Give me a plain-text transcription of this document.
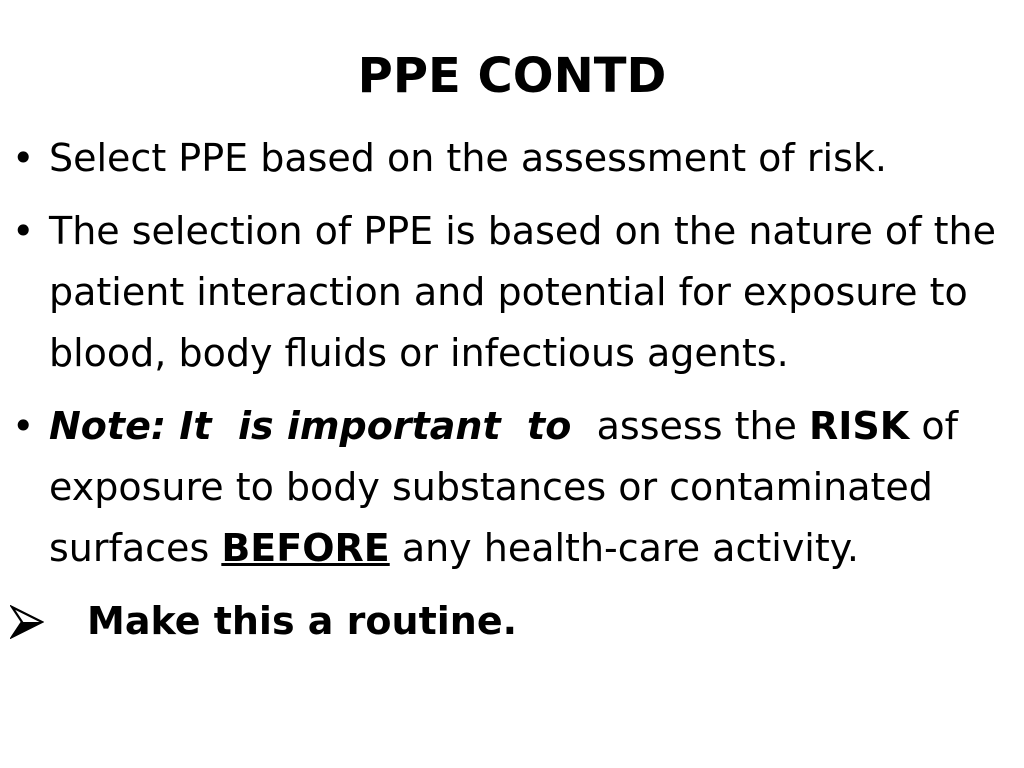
PPE CONTD
• Select PPE based on the assessment of risk.
• The selection of PPE is based on the nature of the patient interaction and potential for exposure to blood, body fluids or infectious agents.
• Note: It  is important  to  assess the RISK of exposure to body substances or contaminated surfaces BEFORE any health-care activity.
Make this a routine.
